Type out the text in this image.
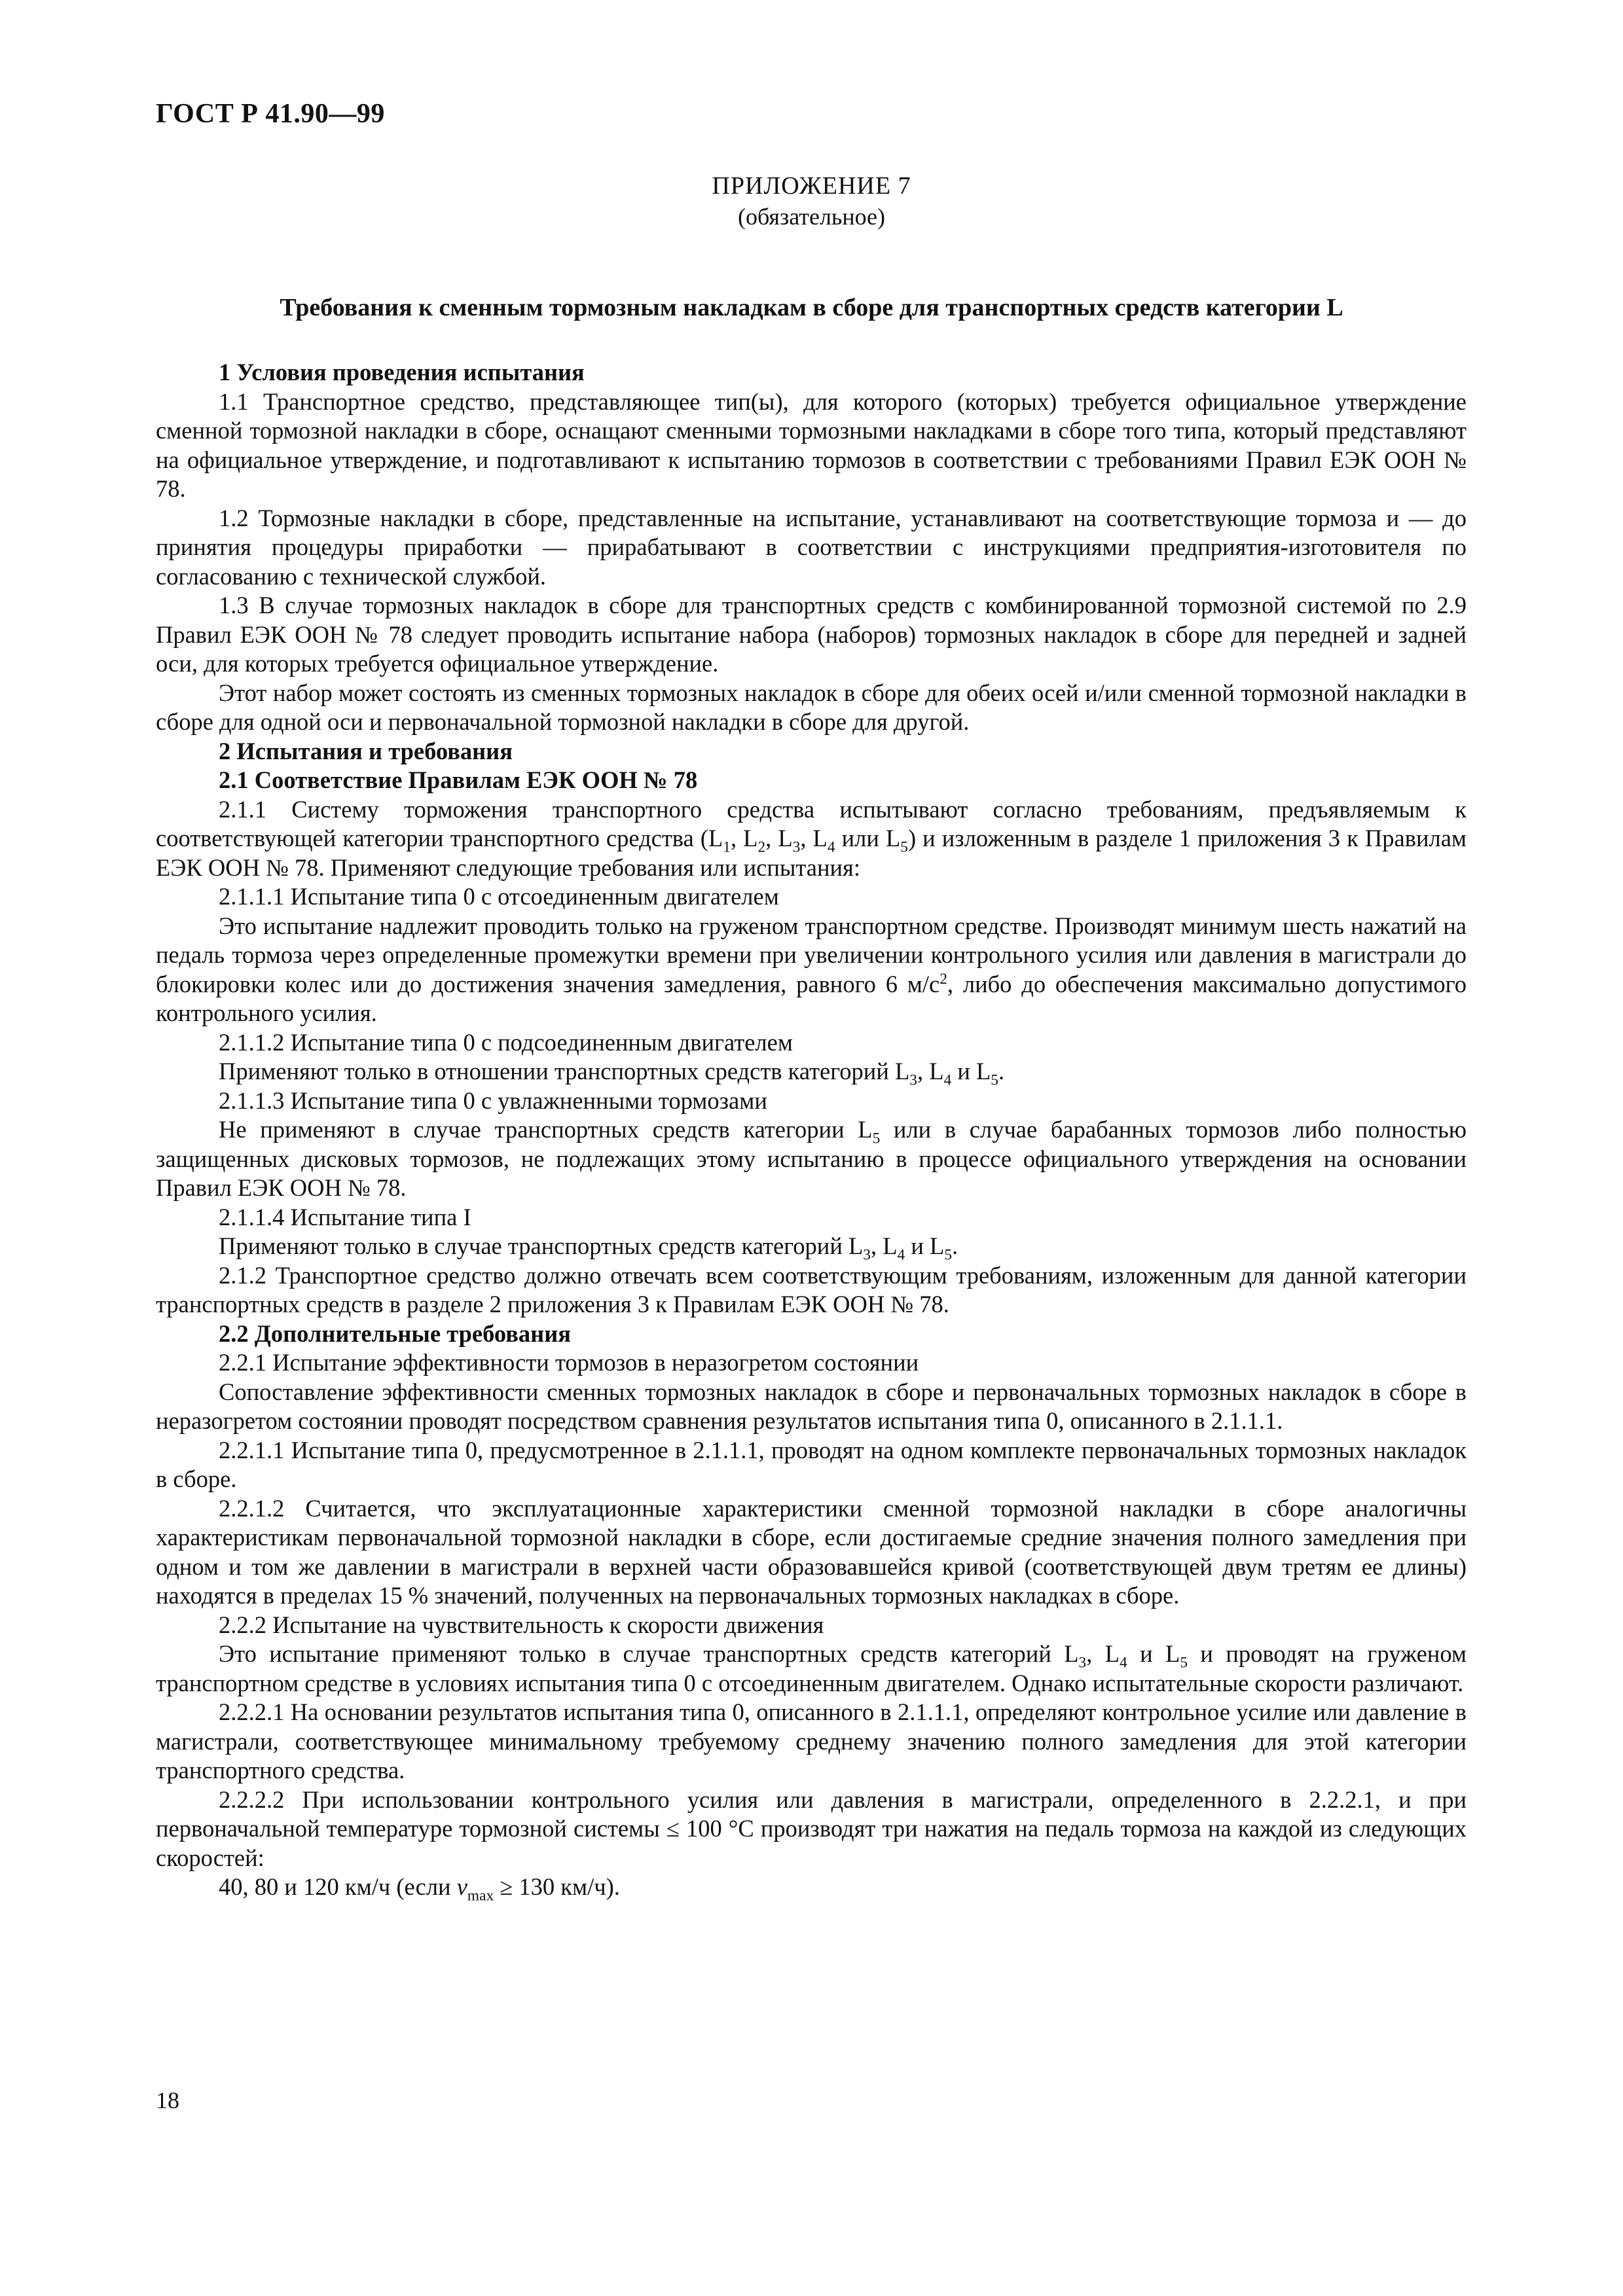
ГОСТ Р 41.90—99
ПРИЛОЖЕНИЕ 7
(обязательное)
Требования к сменным тормозным накладкам в сборе для транспортных средств категории L

1 Условия проведения испытания

1.1 Транспортное средство, представляющее тип(ы), для которого (которых) требуется официальное утверждение сменной тормозной накладки в сборе, оснащают сменными тормозными накладками в сборе того типа, который представляют на официальное утверждение, и подготавливают к испытанию тормозов в соответствии с требованиями Правил ЕЭК ООН № 78.

1.2 Тормозные накладки в сборе, представленные на испытание, устанавливают на соответствующие тормоза и — до принятия процедуры приработки — прирабатывают в соответствии с инструкциями предприятия-изготовителя по согласованию с технической службой.

1.3 В случае тормозных накладок в сборе для транспортных средств с комбинированной тормозной системой по 2.9 Правил ЕЭК ООН № 78 следует проводить испытание набора (наборов) тормозных накладок в сборе для передней и задней оси, для которых требуется официальное утверждение.

Этот набор может состоять из сменных тормозных накладок в сборе для обеих осей и/или сменной тормозной накладки в сборе для одной оси и первоначальной тормозной накладки в сборе для другой.

2 Испытания и требования

2.1 Соответствие Правилам ЕЭК ООН № 78

2.1.1 Систему торможения транспортного средства испытывают согласно требованиям, предъявляемым к соответствующей категории транспортного средства ($L_1$, $L_2$, $L_3$, $L_4$ или $L_5$) и изложенным в разделе 1 приложения 3 к Правилам ЕЭК ООН № 78. Применяют следующие требования или испытания:

2.1.1.1 Испытание типа 0 с отсоединенным двигателем

Это испытание надлежит проводить только на груженом транспортном средстве. Производят минимум шесть нажатий на педаль тормоза через определенные промежутки времени при увеличении контрольного усилия или давления в магистрали до блокировки колес или до достижения значения замедления, равного 6 $м/с^2$, либо до обеспечения максимально допустимого контрольного усилия.

2.1.1.2 Испытание типа 0 с подсоединенным двигателем

Применяют только в отношении транспортных средств категорий $L_3$, $L_4$ и $L_5$.

2.1.1.3 Испытание типа 0 с увлажненными тормозами

Не применяют в случае транспортных средств категории $L_5$ или в случае барабанных тормозов либо полностью защищенных дисковых тормозов, не подлежащих этому испытанию в процессе официального утверждения на основании Правил ЕЭК ООН № 78.

2.1.1.4 Испытание типа I

Применяют только в случае транспортных средств категорий $L_3$, $L_4$ и $L_5$.

2.1.2 Транспортное средство должно отвечать всем соответствующим требованиям, изложенным для данной категории транспортных средств в разделе 2 приложения 3 к Правилам ЕЭК ООН № 78.

2.2 Дополнительные требования

2.2.1 Испытание эффективности тормозов в неразогретом состоянии

Сопоставление эффективности сменных тормозных накладок в сборе и первоначальных тормозных накладок в сборе в неразогретом состоянии проводят посредством сравнения результатов испытания типа 0, описанного в 2.1.1.1.

2.2.1.1 Испытание типа 0, предусмотренное в 2.1.1.1, проводят на одном комплекте первоначальных тормозных накладок в сборе.

2.2.1.2 Считается, что эксплуатационные характеристики сменной тормозной накладки в сборе аналогичны характеристикам первоначальной тормозной накладки в сборе, если достигаемые средние значения полного замедления при одном и том же давлении в магистрали в верхней части образовавшейся кривой (соответствующей двум третям ее длины) находятся в пределах 15 % значений, полученных на первоначальных тормозных накладках в сборе.

2.2.2 Испытание на чувствительность к скорости движения

Это испытание применяют только в случае транспортных средств категорий $L_3$, $L_4$ и $L_5$ и проводят на груженом транспортном средстве в условиях испытания типа 0 с отсоединенным двигателем. Однако испытательные скорости различают.

2.2.2.1 На основании результатов испытания типа 0, описанного в 2.1.1.1, определяют контрольное усилие или давление в магистрали, соответствующее минимальному требуемому среднему значению полного замедления для этой категории транспортного средства.

2.2.2.2 При использовании контрольного усилия или давления в магистрали, определенного в 2.2.2.1, и при первоначальной температуре тормозной системы ≤ 100 °С производят три нажатия на педаль тормоза на каждой из следующих скоростей:

40, 80 и 120 км/ч (если $v_{max} \ge 130$ км/ч).

18
